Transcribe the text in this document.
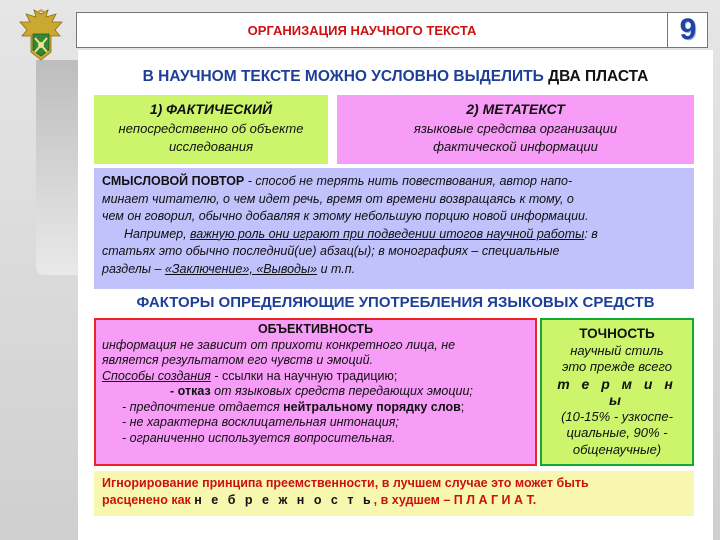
ОРГАНИЗАЦИЯ НАУЧНОГО ТЕКСТА	9
В НАУЧНОМ ТЕКСТЕ МОЖНО УСЛОВНО ВЫДЕЛИТЬ ДВА ПЛАСТА
1) ФАКТИЧЕСКИЙ
непосредственно об объекте
исследования
2) МЕТАТЕКСТ
языковые средства организации
фактической информации
СМЫСЛОВОЙ ПОВТОР - способ не терять нить повествования, автор напо-
минает читателю, о чем идет речь, время от времени возвращаясь к тому, о
чем он говорил, обычно добавляя к этому небольшую порцию новой информации.
Например, важную роль они играют при подведении итогов научной работы: в
статьях это обычно последний(ие) абзац(ы); в монографиях – специальные
разделы – «Заключение», «Выводы» и т.п.
ФАКТОРЫ ОПРЕДЕЛЯЮЩИЕ УПОТРЕБЛЕНИЯ ЯЗЫКОВЫХ СРЕДСТВ
ОБЪЕКТИВНОСТЬ
информация не зависит от прихоти конкретного лица, не
является результатом его чувств и эмоций.
Способы создания - ссылки на научную традицию;
- отказ от языковых средств передающих эмоции;
- предпочтение отдается нейтральному порядку слов;
- не характерна восклицательная интонация;
- ограниченно используется вопросительная.
ТОЧНОСТЬ
научный стиль
это прежде всего
т е р м и н ы
(10-15% - узкоспе-
циальные, 90% -
общенаучные)
Игнорирование принципа преемственности, в лучшем случае это может быть
расценено как н е б р е ж н о с т ь, в худшем – П Л А Г И А Т.
